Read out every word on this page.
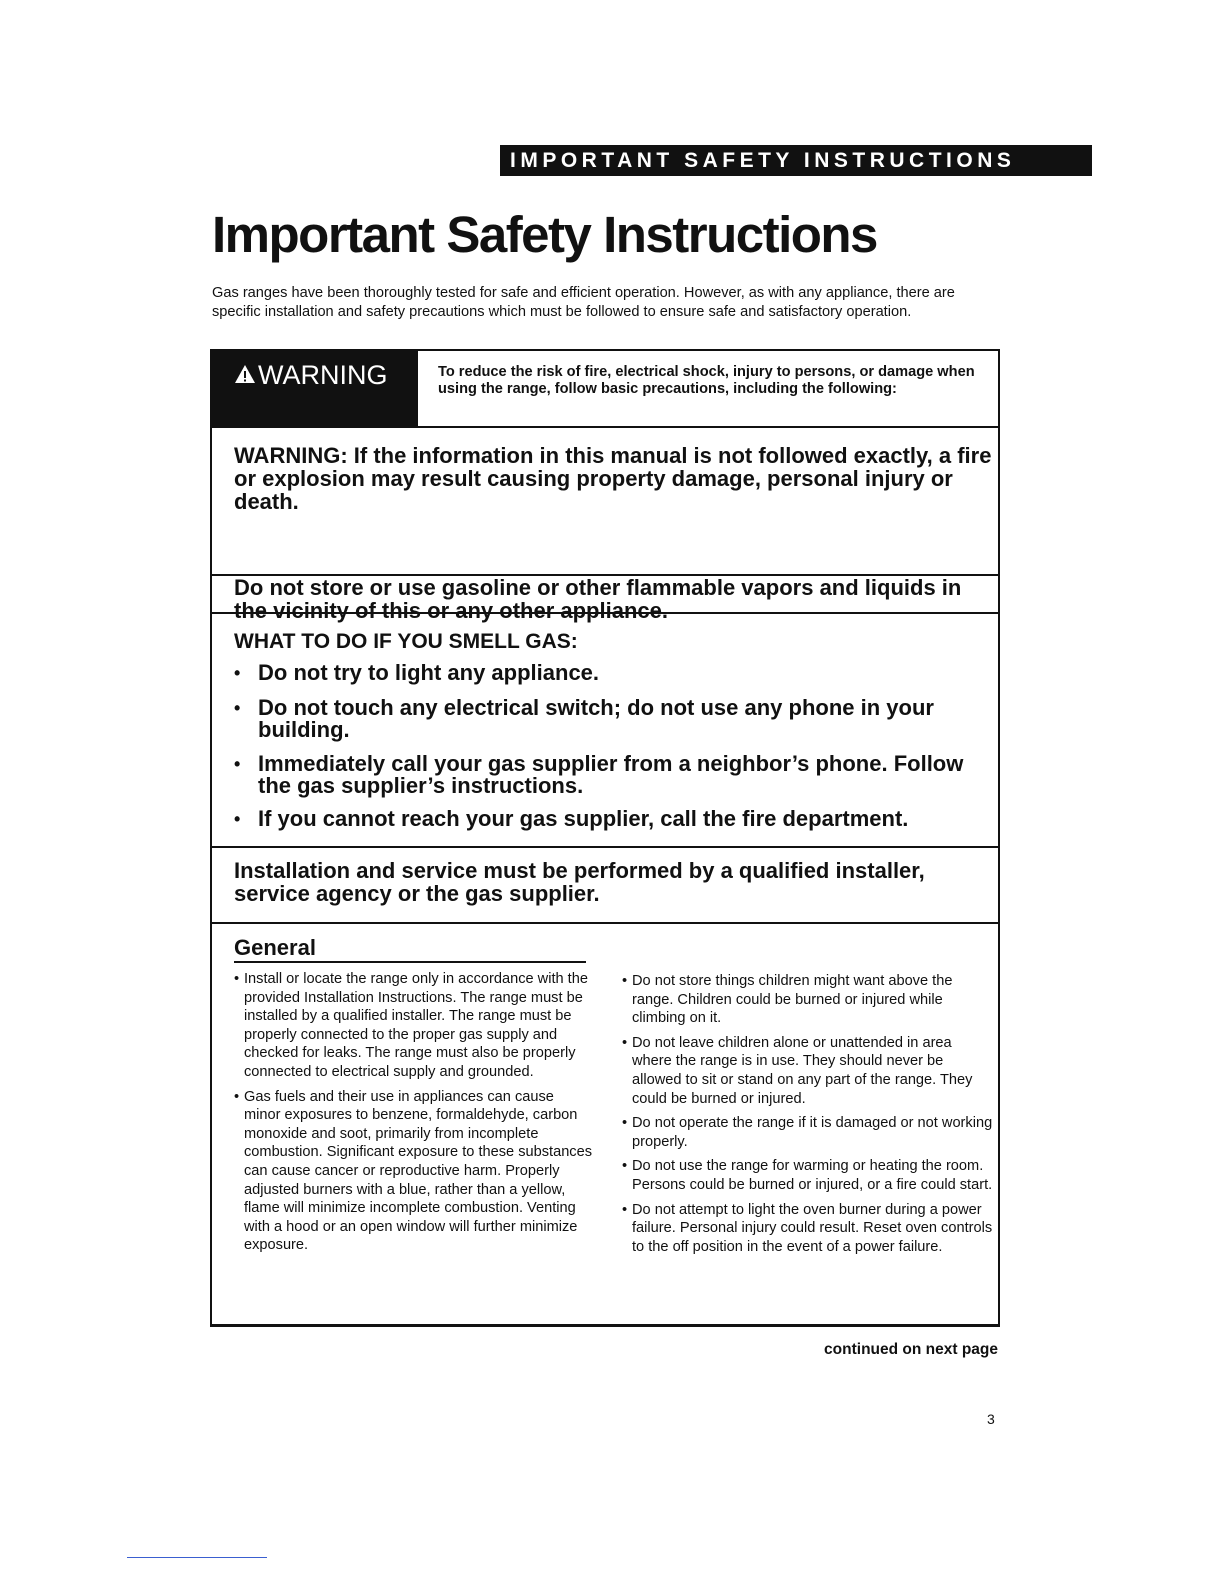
IMPORTANT SAFETY INSTRUCTIONS
Important Safety Instructions

Gas ranges have been thoroughly tested for safe and efficient operation. However, as with any appliance, there are specific installation and safety precautions which must be followed to ensure safe and satisfactory operation.

WARNING	To reduce the risk of fire, electrical shock, injury to persons, or damage when using the range, follow basic precautions, including the following:

WARNING: If the information in this manual is not followed exactly, a fire or explosion may result causing property damage, personal injury or death.

Do not store or use gasoline or other flammable vapors and liquids in the vicinity of this or any other appliance.

WHAT TO DO IF YOU SMELL GAS:

• Do not try to light any appliance.
• Do not touch any electrical switch; do not use any phone in your building.
• Immediately call your gas supplier from a neighbor’s phone. Follow the gas supplier’s instructions.
• If you cannot reach your gas supplier, call the fire department.

Installation and service must be performed by a qualified installer, service agency or the gas supplier.

General
• Install or locate the range only in accordance with the provided Installation Instructions. The range must be installed by a qualified installer. The range must be properly connected to the proper gas supply and checked for leaks. The range must also be properly connected to electrical supply and grounded.
• Gas fuels and their use in appliances can cause minor exposures to benzene, formaldehyde, carbon monoxide and soot, primarily from incomplete combustion. Significant exposure to these substances can cause cancer or reproductive harm. Properly adjusted burners with a blue, rather than a yellow, flame will minimize incomplete combustion. Venting with a hood or an open window will further minimize exposure.
• Do not store things children might want above the range. Children could be burned or injured while climbing on it.
• Do not leave children alone or unattended in area where the range is in use. They should never be allowed to sit or stand on any part of the range. They could be burned or injured.
• Do not operate the range if it is damaged or not working properly.
• Do not use the range for warming or heating the room. Persons could be burned or injured, or a fire could start.
• Do not attempt to light the oven burner during a power failure. Personal injury could result. Reset oven controls to the off position in the event of a power failure.
continued on next page
3
